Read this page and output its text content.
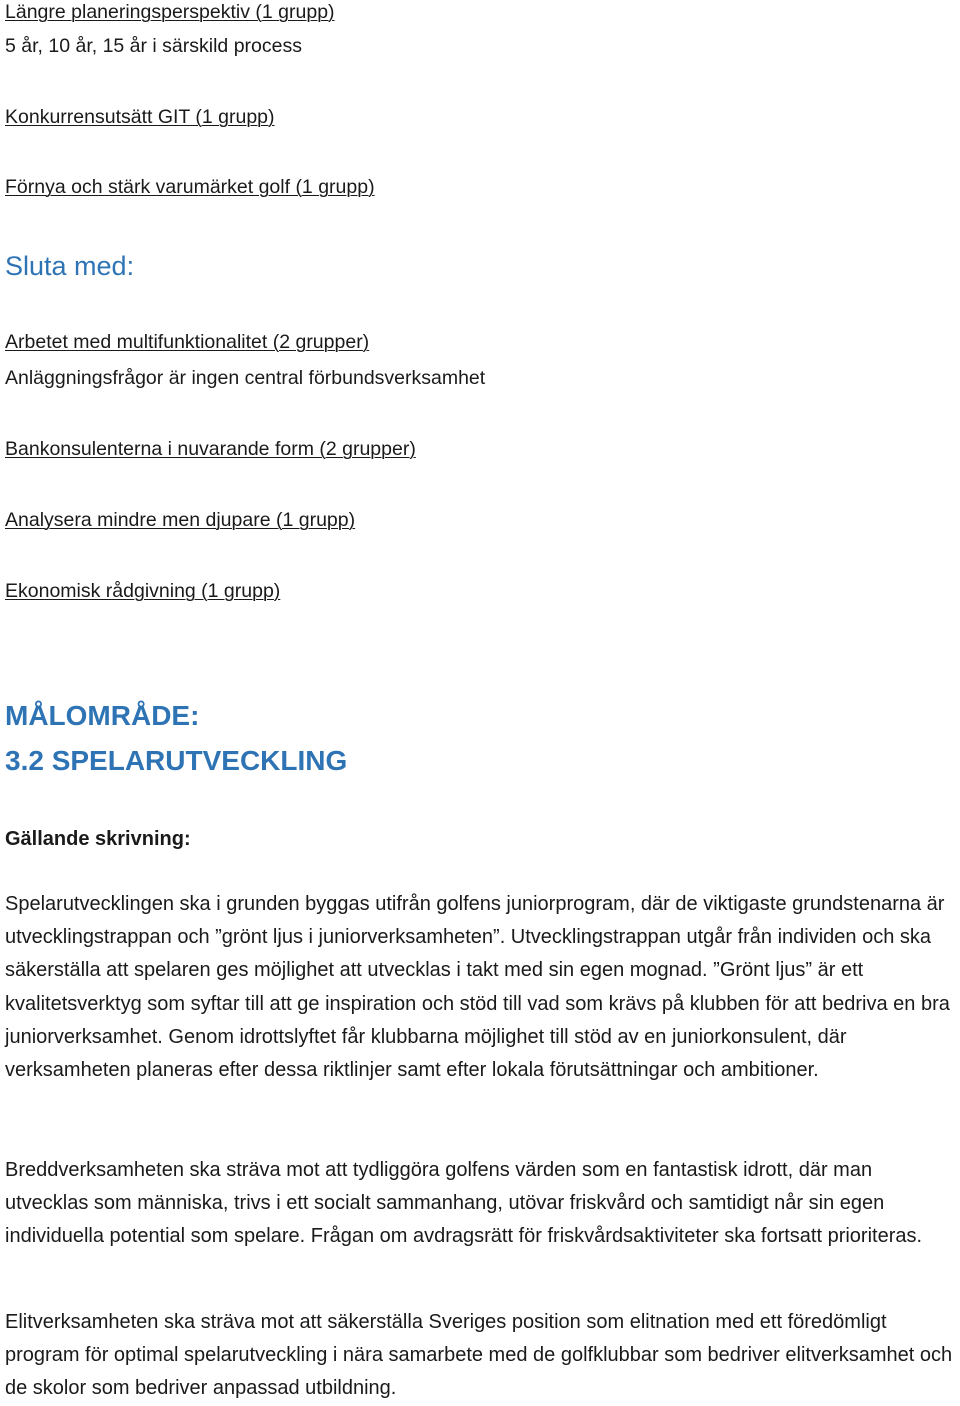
Längre planeringsperspektiv (1 grupp)
5 år, 10 år, 15 år i särskild process
Konkurrensutsätt GIT (1 grupp)
Förnya och stärk varumärket golf (1 grupp)
Sluta med:
Arbetet med multifunktionalitet (2 grupper)
Anläggningsfrågor är ingen central förbundsverksamhet
Bankonsulenterna i nuvarande form (2 grupper)
Analysera mindre men djupare (1 grupp)
Ekonomisk rådgivning (1 grupp)
MÅLOMRÅDE:
3.2 SPELARUTVECKLING
Gällande skrivning:

Spelarutvecklingen ska i grunden byggas utifrån golfens juniorprogram, där de viktigaste grundstenarna är utvecklingstrappan och ”grönt ljus i juniorverksamheten”. Utvecklingstrappan utgår från individen och ska säkerställa att spelaren ges möjlighet att utvecklas i takt med sin egen mognad. ”Grönt ljus” är ett kvalitetsverktyg som syftar till att ge inspiration och stöd till vad som krävs på klubben för att bedriva en bra juniorverksamhet. Genom idrottslyftet får klubbarna möjlighet till stöd av en juniorkonsulent, där verksamheten planeras efter dessa riktlinjer samt efter lokala förutsättningar och ambitioner.

Breddverksamheten ska sträva mot att tydliggöra golfens värden som en fantastisk idrott, där man utvecklas som människa, trivs i ett socialt sammanhang, utövar friskvård och samtidigt når sin egen individuella potential som spelare. Frågan om avdragsrätt för friskvårdsaktiviteter ska fortsatt prioriteras.

Elitverksamheten ska sträva mot att säkerställa Sveriges position som elitnation med ett föredömligt program för optimal spelarutveckling i nära samarbete med de golfklubbar som bedriver elitverksamhet och de skolor som bedriver anpassad utbildning.
